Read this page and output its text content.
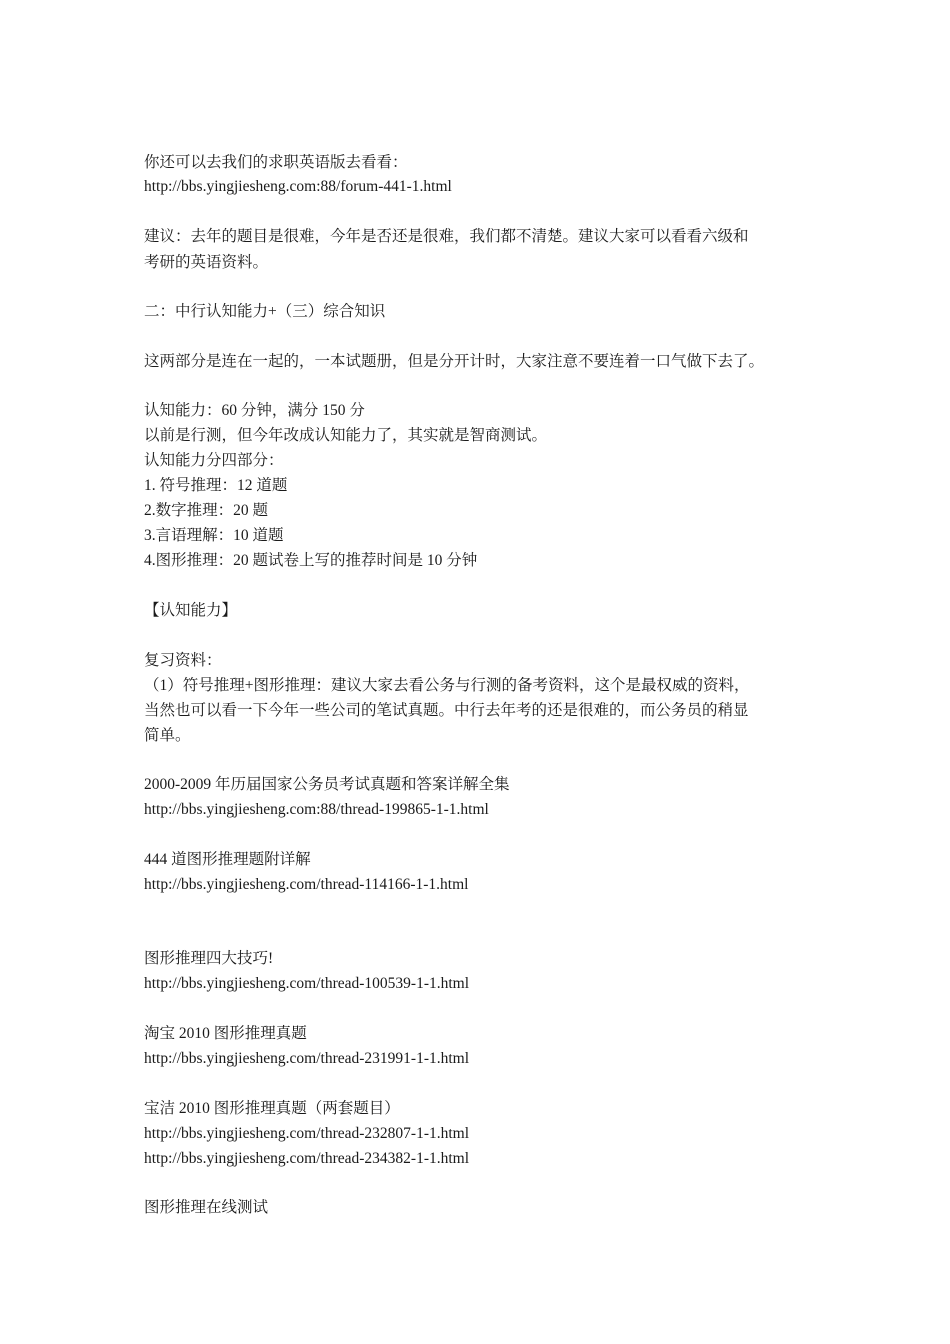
你还可以去我们的求职英语版去看看：
http://bbs.yingjiesheng.com:88/forum-441-1.html
建议：去年的题目是很难，今年是否还是很难，我们都不清楚。建议大家可以看看六级和
考研的英语资料。
二：中行认知能力+（三）综合知识
这两部分是连在一起的，一本试题册，但是分开计时，大家注意不要连着一口气做下去了。
认知能力：60 分钟，满分 150 分
以前是行测，但今年改成认知能力了，其实就是智商测试。
认知能力分四部分：
1. 符号推理：12 道题
2.数字推理：20 题
3.言语理解：10 道题
4.图形推理：20 题试卷上写的推荐时间是 10 分钟
【认知能力】
复习资料：
（1）符号推理+图形推理：建议大家去看公务与行测的备考资料，这个是最权威的资料，
当然也可以看一下今年一些公司的笔试真题。中行去年考的还是很难的，而公务员的稍显
简单。
2000-2009 年历届国家公务员考试真题和答案详解全集
http://bbs.yingjiesheng.com:88/thread-199865-1-1.html
444 道图形推理题附详解
http://bbs.yingjiesheng.com/thread-114166-1-1.html
图形推理四大技巧!
http://bbs.yingjiesheng.com/thread-100539-1-1.html
淘宝 2010 图形推理真题
http://bbs.yingjiesheng.com/thread-231991-1-1.html
宝洁 2010 图形推理真题（两套题目）
http://bbs.yingjiesheng.com/thread-232807-1-1.html
http://bbs.yingjiesheng.com/thread-234382-1-1.html
图形推理在线测试
